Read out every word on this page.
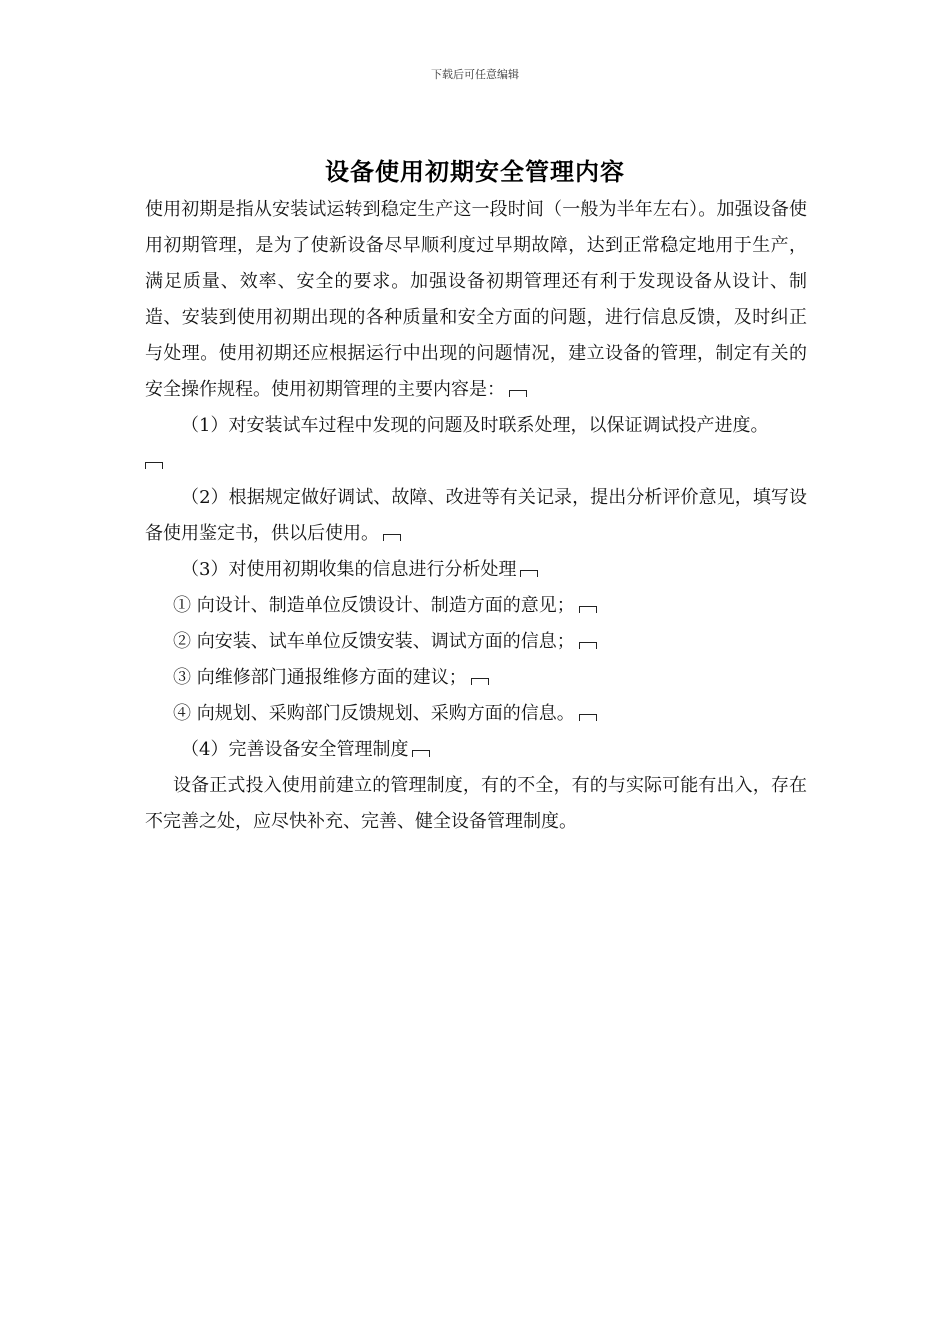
下载后可任意编辑
设备使用初期安全管理内容

使用初期是指从安装试运转到稳定生产这一段时间（一般为半年左右）。加强设备使用初期管理，是为了使新设备尽早顺利度过早期故障，达到正常稳定地用于生产，满足质量、效率、安全的要求。加强设备初期管理还有利于发现设备从设计、制造、安装到使用初期出现的各种质量和安全方面的问题，进行信息反馈，及时纠正与处理。使用初期还应根据运行中出现的问题情况，建立设备的管理，制定有关的安全操作规程。使用初期管理的主要内容是：

（1）对安装试车过程中发现的问题及时联系处理，以保证调试投产进度。

（2）根据规定做好调试、故障、改进等有关记录，提出分析评价意见，填写设备使用鉴定书，供以后使用。

（3）对使用初期收集的信息进行分析处理

① 向设计、制造单位反馈设计、制造方面的意见；

② 向安装、试车单位反馈安装、调试方面的信息；

③ 向维修部门通报维修方面的建议；

④ 向规划、采购部门反馈规划、采购方面的信息。

（4）完善设备安全管理制度

设备正式投入使用前建立的管理制度，有的不全，有的与实际可能有出入，存在不完善之处，应尽快补充、完善、健全设备管理制度。
